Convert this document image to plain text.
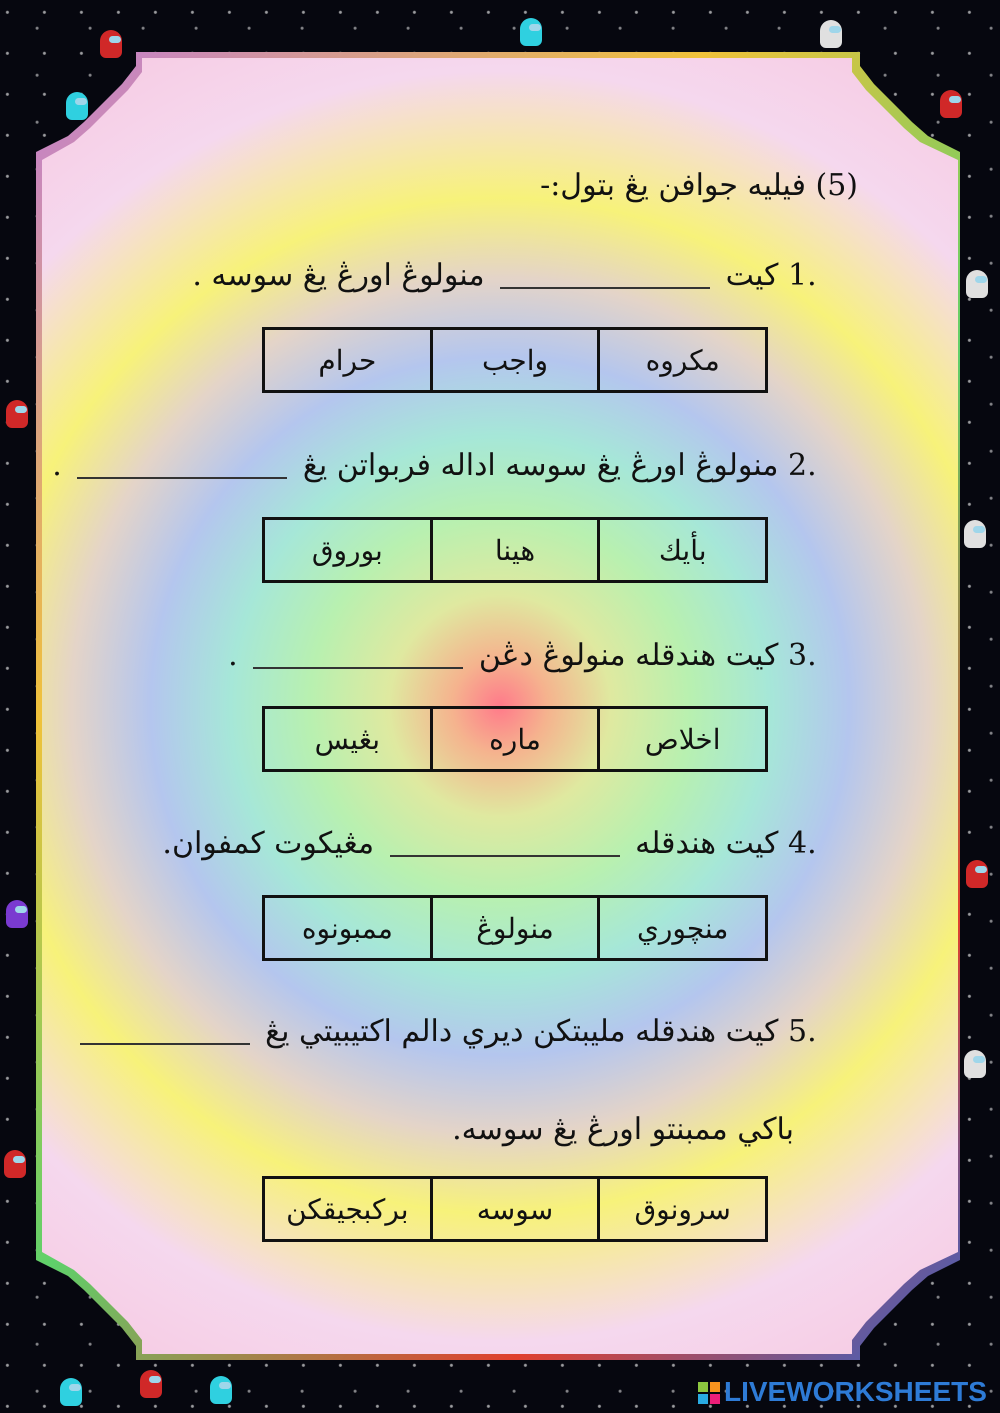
(5) فيليه جوافن يڠ بتول:-
1. كيت  منولوڠ اورڠ يڠ سوسه .
مكروه
واجب
حرام
2. منولوڠ اورڠ يڠ سوسه اداله فربواتن يڠ  .
بأيك
هينا
بوروق
3. كيت هندقله منولوڠ دڠن  .
اخلاص
ماره
بڠيس
4. كيت هندقله  مڠيكوت كمفوان.
منچوري
منولوڠ
ممبونوه
5. كيت هندقله مليبتكن ديري دالم اكتيبيتي يڠ
باكي ممبنتو اورڠ يڠ سوسه.
سرونوق
سوسه
بركبجيقكن
LIVEWORKSHEETS
